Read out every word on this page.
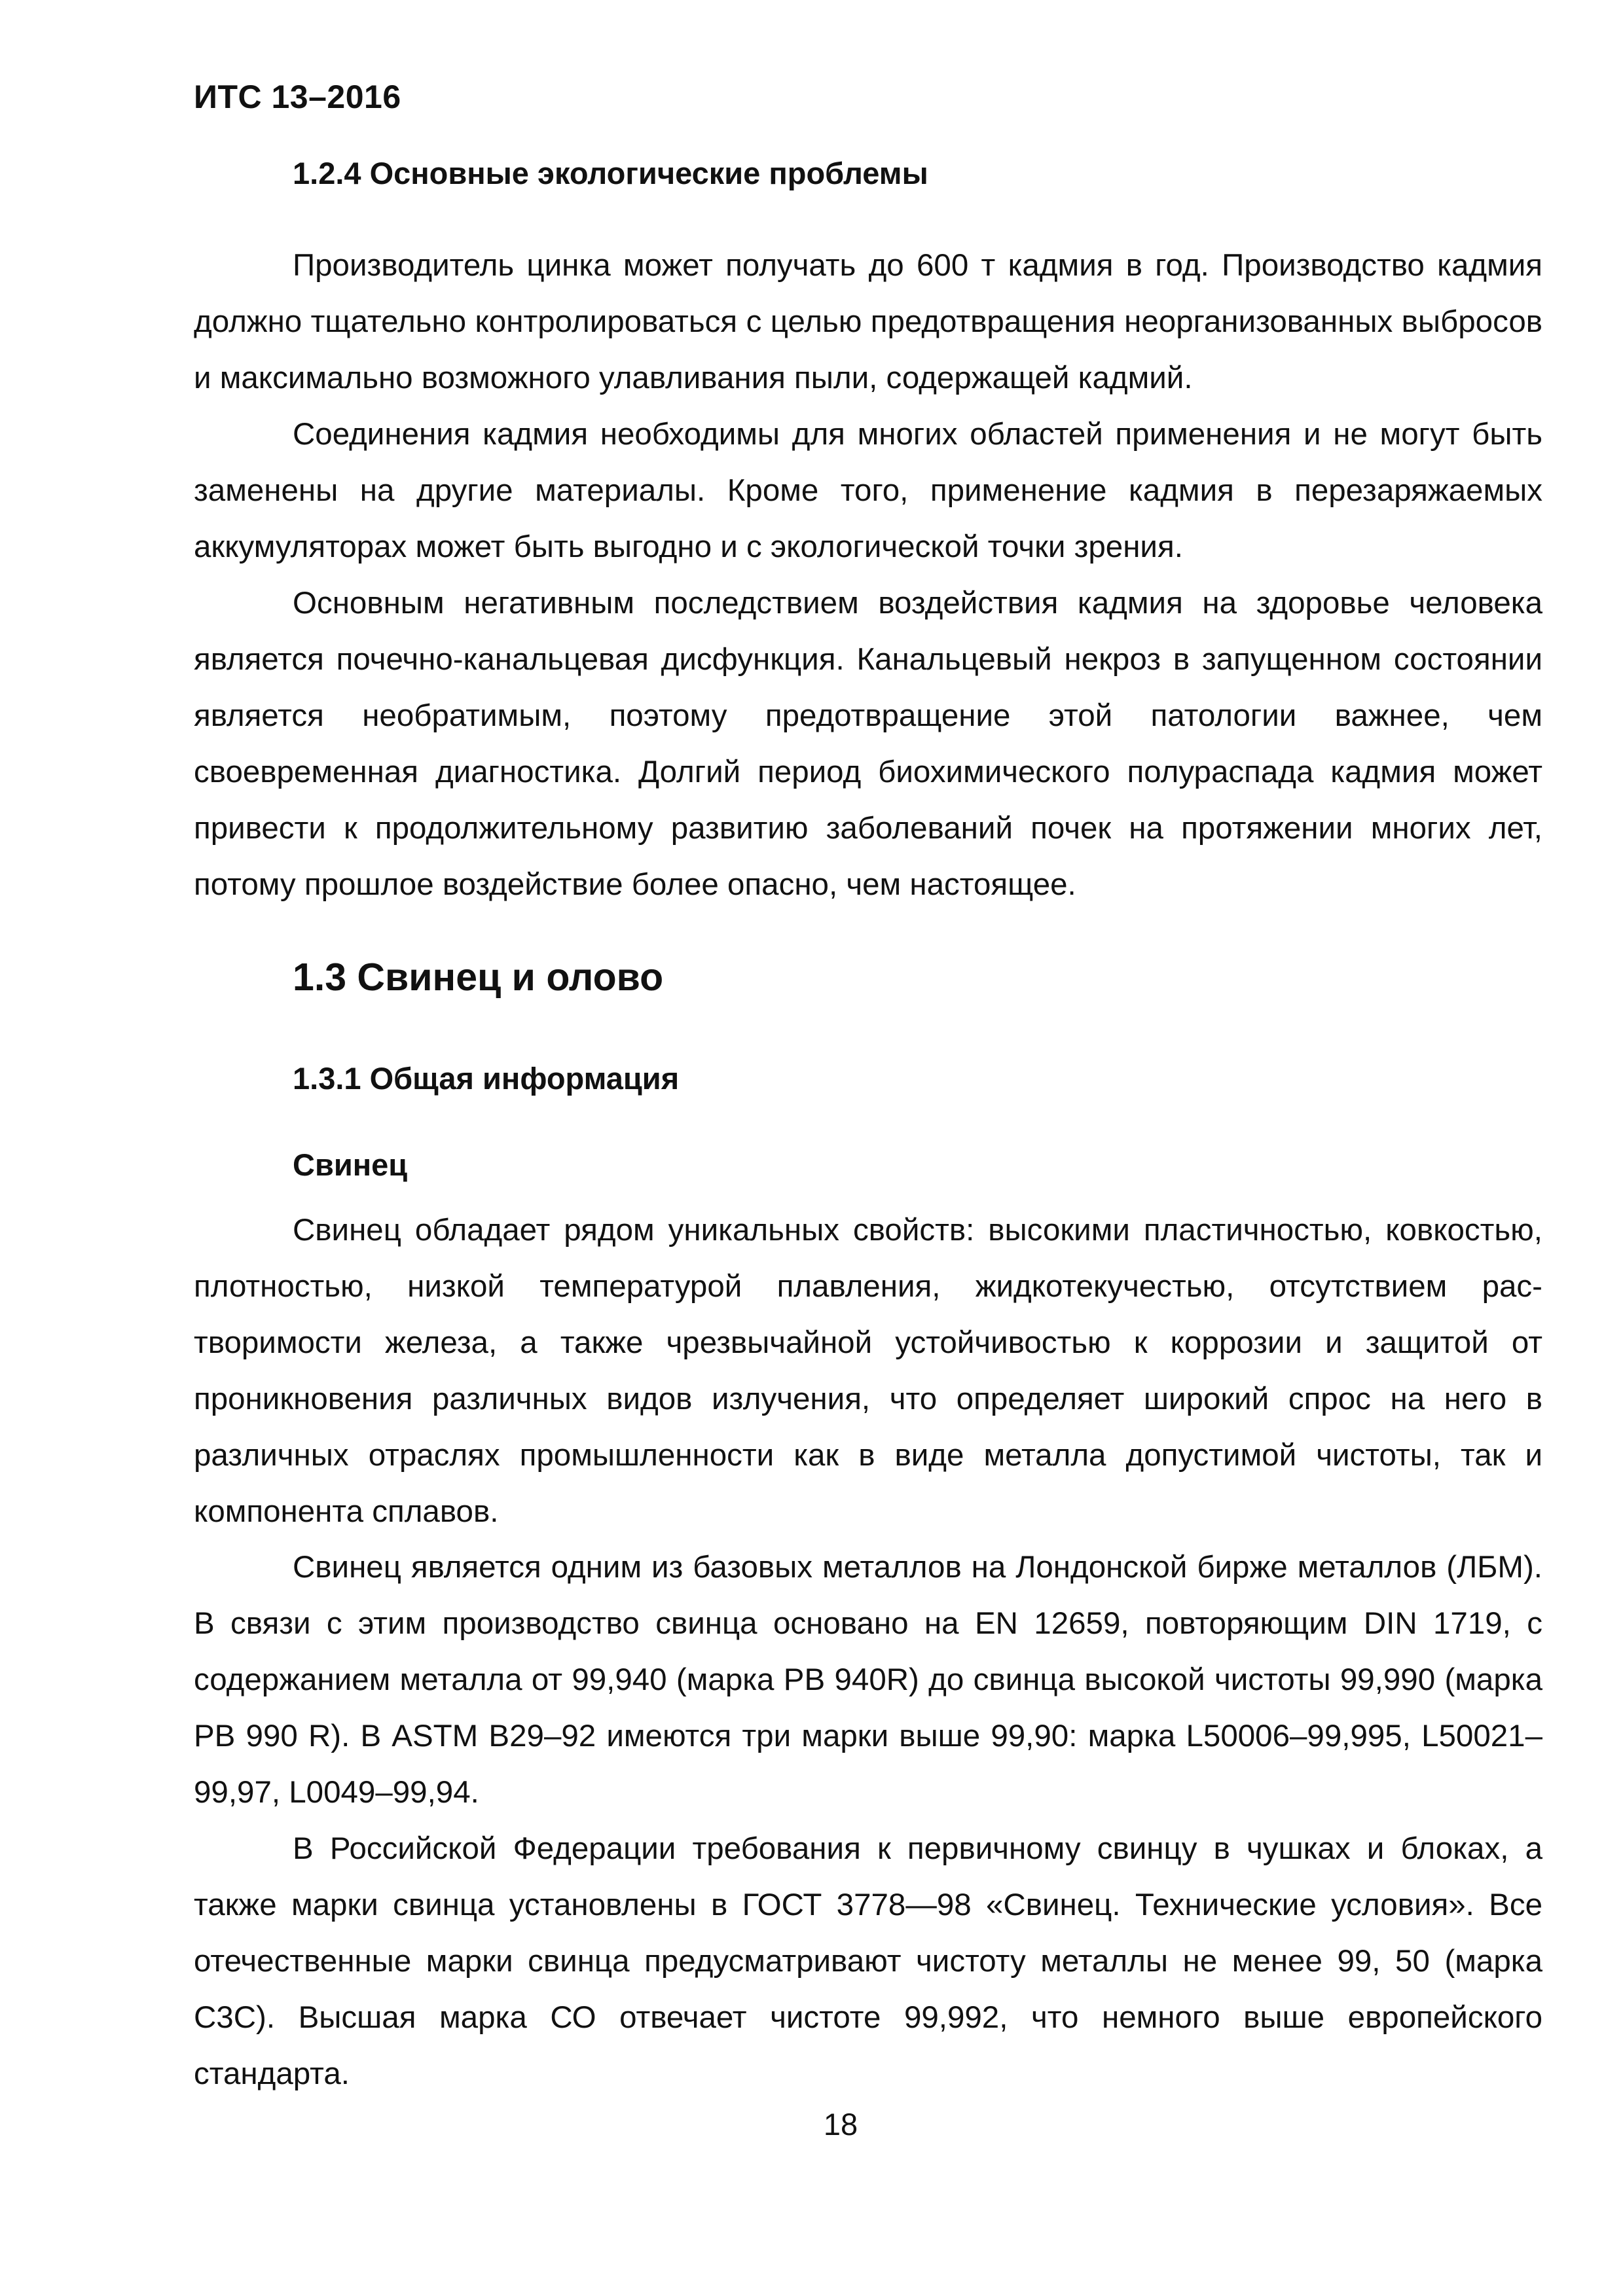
ИТС 13–2016
1.2.4 Основные экологические проблемы

Производитель цинка может получать до 600 т кадмия в год. Производство кадмия должно тщательно контролироваться с целью предотвращения неорганизованных выбросов и максимально возможного улавливания пыли, содержащей кадмий.

Соединения кадмия необходимы для многих областей применения и не могут быть заменены на другие материалы. Кроме того, применение кадмия в перезаряжаемых аккумуляторах может быть выгодно и с экологической точки зрения.

Основным негативным последствием воздействия кадмия на здоровье человека является почечно-канальцевая дисфункция. Канальцевый некроз в запущенном состоянии является необратимым, поэтому предотвращение этой патологии важнее, чем своевременная диагностика. Долгий период биохимического полураспада кадмия может привести к продолжительному развитию заболеваний почек на протяжении многих лет, потому прошлое воздействие более опасно, чем настоящее.

1.3 Свинец и олово
1.3.1 Общая информация
Свинец

Свинец обладает рядом уникальных свойств: высокими пластичностью, ковкостью, плотностью, низкой температурой плавления, жидкотекучестью, отсутствием растворимости железа, а также чрезвычайной устойчивостью к коррозии и защитой от проникновения различных видов излучения, что определяет широкий спрос на него в различных отраслях промышленности как в виде металла допустимой чистоты, так и компонента сплавов.

Свинец является одним из базовых металлов на Лондонской бирже металлов (ЛБМ). В связи с этим производство свинца основано на EN 12659, повторяющим DIN 1719, с содержанием металла от 99,940 (марка PB 940R) до свинца высокой чистоты 99,990 (марка PB 990 R). В ASTM B29–92 имеются три марки выше 99,90: марка L50006–99,995, L50021–99,97, L0049–99,94.

В Российской Федерации требования к первичному свинцу в чушках и блоках, а также марки свинца установлены в ГОСТ 3778—98 «Свинец. Технические условия». Все отечественные марки свинца предусматривают чистоту металлы не менее 99, 50 (марка С3С). Высшая марка СО отвечает чистоте 99,992, что немного выше европейского стандарта.

18
